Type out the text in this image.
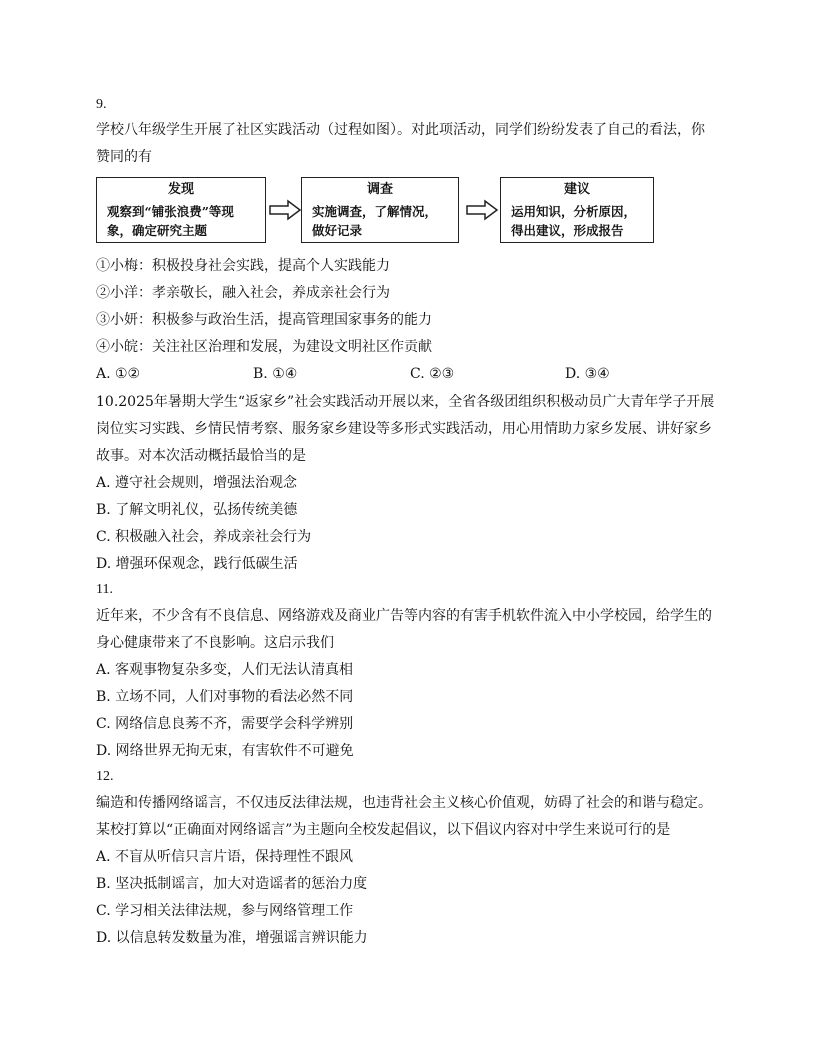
9.
学校八年级学生开展了社区实践活动（过程如图）。对此项活动，同学们纷纷发表了自己的看法，你
赞同的有
发现
观察到“铺张浪费”等现
象，确定研究主题
调查
实施调查，了解情况，
做好记录
建议
运用知识，分析原因，
得出建议，形成报告
①小梅：积极投身社会实践，提高个人实践能力
②小洋：孝亲敬长，融入社会，养成亲社会行为
③小妍：积极参与政治生活，提高管理国家事务的能力
④小皖：关注社区治理和发展，为建设文明社区作贡献
A. ①②	B. ①④	C. ②③	D. ③④
10.2025年暑期大学生“返家乡”社会实践活动开展以来，全省各级团组织积极动员广大青年学子开展
岗位实习实践、乡情民情考察、服务家乡建设等多形式实践活动，用心用情助力家乡发展、讲好家乡
故事。对本次活动概括最恰当的是
A. 遵守社会规则，增强法治观念
B. 了解文明礼仪，弘扬传统美德
C. 积极融入社会，养成亲社会行为
D. 增强环保观念，践行低碳生活
11.
近年来，不少含有不良信息、网络游戏及商业广告等内容的有害手机软件流入中小学校园，给学生的
身心健康带来了不良影响。这启示我们
A. 客观事物复杂多变，人们无法认清真相
B. 立场不同，人们对事物的看法必然不同
C. 网络信息良莠不齐，需要学会科学辨别
D. 网络世界无拘无束，有害软件不可避免
12.
编造和传播网络谣言，不仅违反法律法规，也违背社会主义核心价值观，妨碍了社会的和谐与稳定。
某校打算以“正确面对网络谣言”为主题向全校发起倡议，以下倡议内容对中学生来说可行的是
A. 不盲从听信只言片语，保持理性不跟风
B. 坚决抵制谣言，加大对造谣者的惩治力度
C. 学习相关法律法规，参与网络管理工作
D. 以信息转发数量为准，增强谣言辨识能力
